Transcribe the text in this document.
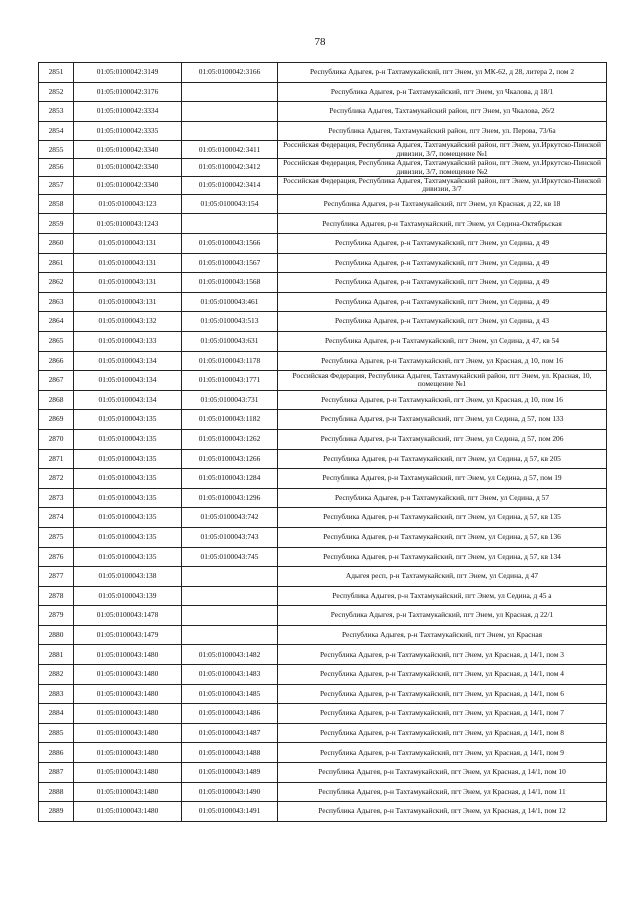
78
2851	01:05:0100042:3149	01:05:0100042:3166	Республика Адыгея, р-н Тахтамукайский, пгт Энем, ул МК-62, д 28, литера 2, пом 2
2852	01:05:0100042:3176		Республика Адыгея, р-н Тахтамукайский, пгт Энем, ул Чкалова, д 18/1
2853	01:05:0100042:3334		Республика Адыгея, Тахтамукайский район, пгт Энем, ул Чкалова, 26/2
2854	01:05:0100042:3335		Республика Адыгея, Тахтамукайский район, пгт Энем, ул. Перова, 73/6а
2855	01:05:0100042:3340	01:05:0100042:3411	Российская Федерация, Республика Адыгея, Тахтамукайский район, пгт Энем, ул.Иркутско-Пинской дивизии, 3/7, помещение №1
2856	01:05:0100042:3340	01:05:0100042:3412	Российская Федерация, Республика Адыгея, Тахтамукайский район, пгт Энем, ул.Иркутско-Пинской дивизии, 3/7, помещение №2
2857	01:05:0100042:3340	01:05:0100042:3414	Российская Федерация, Республика Адыгея, Тахтамукайский район, пгт Энем, ул.Иркутско-Пинской дивизии, 3/7
2858	01:05:0100043:123	01:05:0100043:154	Республика Адыгея, р-н Тахтамукайский, пгт Энем, ул Красная, д 22, кв 18
2859	01:05:0100043:1243		Республика Адыгея, р-н Тахтамукайский, пгт Энем, ул Седина-Октябрьская
2860	01:05:0100043:131	01:05:0100043:1566	Республика Адыгея, р-н Тахтамукайский, пгт Энем, ул Седина, д 49
2861	01:05:0100043:131	01:05:0100043:1567	Республика Адыгея, р-н Тахтамукайский, пгт Энем, ул Седина, д 49
2862	01:05:0100043:131	01:05:0100043:1568	Республика Адыгея, р-н Тахтамукайский, пгт Энем, ул Седина, д 49
2863	01:05:0100043:131	01:05:0100043:461	Республика Адыгея, р-н Тахтамукайский, пгт Энем, ул Седина, д 49
2864	01:05:0100043:132	01:05:0100043:513	Республика Адыгея, р-н Тахтамукайский, пгт Энем, ул Седина, д 43
2865	01:05:0100043:133	01:05:0100043:631	Республика Адыгея, р-н Тахтамукайский, пгт Энем, ул Седина, д 47, кв 54
2866	01:05:0100043:134	01:05:0100043:1178	Республика Адыгея, р-н Тахтамукайский, пгт Энем, ул Красная, д 10, пом 16
2867	01:05:0100043:134	01:05:0100043:1771	Российская Федерация, Республика Адыгея, Тахтамукайский район, пгт Энем, ул. Красная, 10, помещение №1
2868	01:05:0100043:134	01:05:0100043:731	Республика Адыгея, р-н Тахтамукайский, пгт Энем, ул Красная, д 10, пом 16
2869	01:05:0100043:135	01:05:0100043:1182	Республика Адыгея, р-н Тахтамукайский, пгт Энем, ул Седина, д 57, пом 133
2870	01:05:0100043:135	01:05:0100043:1262	Республика Адыгея, р-н Тахтамукайский, пгт Энем, ул Седина, д 57, пом 206
2871	01:05:0100043:135	01:05:0100043:1266	Республика Адыгея, р-н Тахтамукайский, пгт Энем, ул Седина, д 57, кв 205
2872	01:05:0100043:135	01:05:0100043:1284	Республика Адыгея, р-н Тахтамукайский, пгт Энем, ул Седина, д 57, пом 19
2873	01:05:0100043:135	01:05:0100043:1296	Республика Адыгея, р-н Тахтамукайский, пгт Энем, ул Седина, д 57
2874	01:05:0100043:135	01:05:0100043:742	Республика Адыгея, р-н Тахтамукайский, пгт Энем, ул Седина, д 57, кв 135
2875	01:05:0100043:135	01:05:0100043:743	Республика Адыгея, р-н Тахтамукайский, пгт Энем, ул Седина, д 57, кв 136
2876	01:05:0100043:135	01:05:0100043:745	Республика Адыгея, р-н Тахтамукайский, пгт Энем, ул Седина, д 57, кв 134
2877	01:05:0100043:138		Адыгея респ, р-н Тахтамукайский, пгт Энем, ул Седина, д 47
2878	01:05:0100043:139		Республика Адыгея, р-н Тахтамукайский, пгт Энем, ул Седина, д 45 а
2879	01:05:0100043:1478		Республика Адыгея, р-н Тахтамукайский, пгт Энем, ул Красная, д 22/1
2880	01:05:0100043:1479		Республика Адыгея, р-н Тахтамукайский, пгт Энем, ул Красная
2881	01:05:0100043:1480	01:05:0100043:1482	Республика Адыгея, р-н Тахтамукайский, пгт Энем, ул Красная, д 14/1, пом 3
2882	01:05:0100043:1480	01:05:0100043:1483	Республика Адыгея, р-н Тахтамукайский, пгт Энем, ул Красная, д 14/1, пом 4
2883	01:05:0100043:1480	01:05:0100043:1485	Республика Адыгея, р-н Тахтамукайский, пгт Энем, ул Красная, д 14/1, пом 6
2884	01:05:0100043:1480	01:05:0100043:1486	Республика Адыгея, р-н Тахтамукайский, пгт Энем, ул Красная, д 14/1, пом 7
2885	01:05:0100043:1480	01:05:0100043:1487	Республика Адыгея, р-н Тахтамукайский, пгт Энем, ул Красная, д 14/1, пом 8
2886	01:05:0100043:1480	01:05:0100043:1488	Республика Адыгея, р-н Тахтамукайский, пгт Энем, ул Красная, д 14/1, пом 9
2887	01:05:0100043:1480	01:05:0100043:1489	Республика Адыгея, р-н Тахтамукайский, пгт Энем, ул Красная, д 14/1, пом 10
2888	01:05:0100043:1480	01:05:0100043:1490	Республика Адыгея, р-н Тахтамукайский, пгт Энем, ул Красная, д 14/1, пом 11
2889	01:05:0100043:1480	01:05:0100043:1491	Республика Адыгея, р-н Тахтамукайский, пгт Энем, ул Красная, д 14/1, пом 12
